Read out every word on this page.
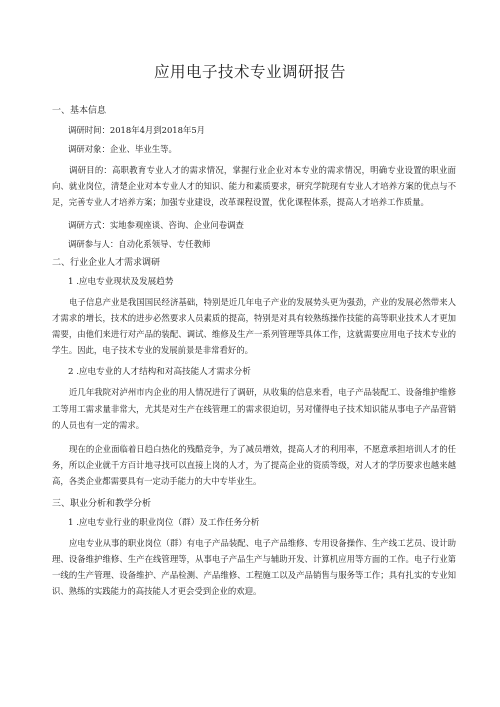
应用电子技术专业调研报告
一、基本信息

调研时间：2018年4月到2018年5月

调研对象：企业、毕业生等。

调研目的：高职教育专业人才的需求情况，掌握行业企业对本专业的需求情况，明确专业设置的职业面向、就业岗位，清楚企业对本专业人才的知识、能力和素质要求，研究学院现有专业人才培养方案的优点与不足，完善专业人才培养方案；加强专业建设，改革课程设置，优化课程体系，提高人才培养工作质量。

调研方式：实地参观座谈、咨询、企业问卷调查

调研参与人：自动化系领导、专任教师

二、行业企业人才需求调研
1 .应电专业现状及发展趋势

电子信息产业是我国国民经济基础，特别是近几年电子产业的发展势头更为强劲，产业的发展必然带来人才需求的增长，技术的进步必然要求人员素质的提高，特别是对具有较熟练操作技能的高等职业技术人才更加需要，由他们来进行对产品的装配、调试、维修及生产一系列管理等具体工作，这就需要应用电子技术专业的学生。因此，电子技术专业的发展前景是非常看好的。

2 .应电专业的人才结构和对高技能人才需求分析

近几年我院对泸州市内企业的用人情况进行了调研，从收集的信息来看，电子产品装配工、设备维护维修工等用工需求量非常大，尤其是对生产在线管理工的需求很迫切，另对懂得电子技术知识能从事电子产品营销的人员也有一定的需求。

现在的企业面临着日趋白热化的残酷竞争，为了减员增效，提高人才的利用率，不愿意承担培训人才的任务，所以企业就千方百计地寻找可以直接上岗的人才，为了提高企业的资质等级，对人才的学历要求也越来越高，各类企业都需要具有一定动手能力的大中专毕业生。

三、职业分析和教学分析
1 .应电专业行业的职业岗位（群）及工作任务分析

应电专业从事的职业岗位（群）有电子产品装配、电子产品维修、专用设备操作、生产线工艺员、设计助理、设备维护维修、生产在线管理等，从事电子产品生产与辅助开发、计算机应用等方面的工作。电子行业第一线的生产管理、设备维护、产品检测、产品维修、工程施工以及产品销售与服务等工作；具有扎实的专业知识、熟练的实践能力的高技能人才更会受到企业的欢迎。
